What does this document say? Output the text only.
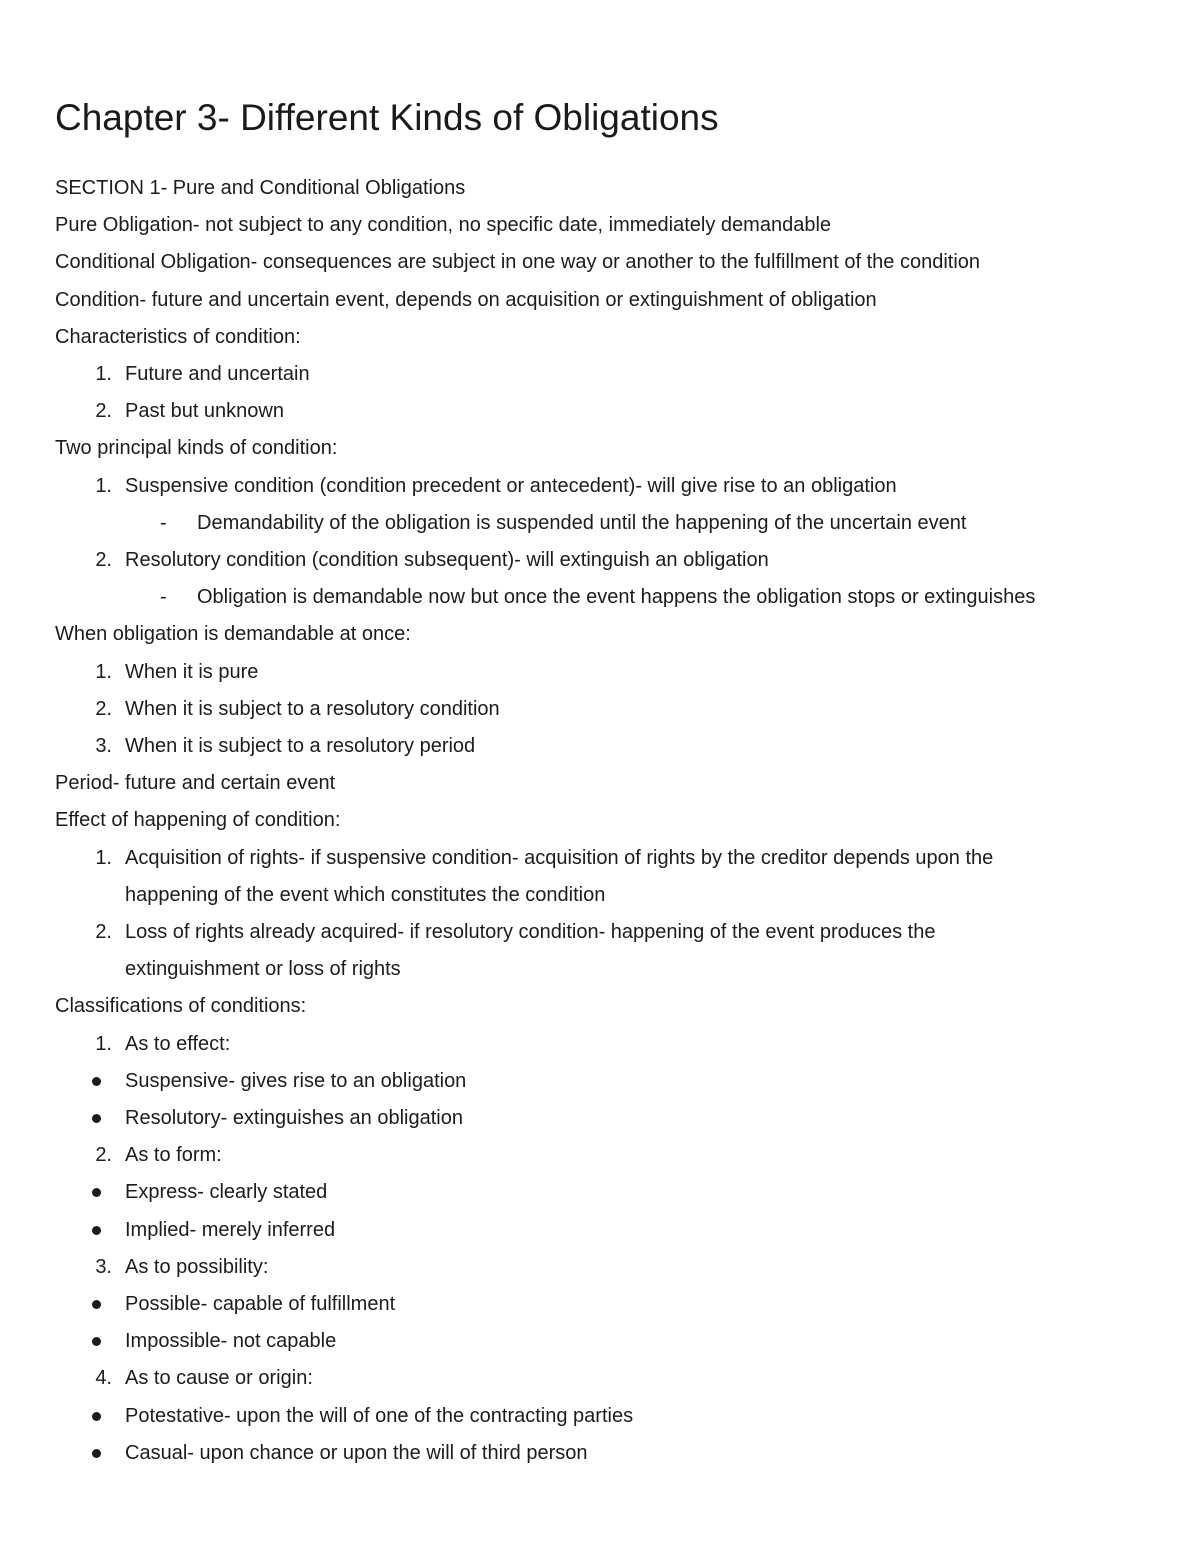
Chapter 3- Different Kinds of Obligations

SECTION 1- Pure and Conditional Obligations

Pure Obligation- not subject to any condition, no specific date, immediately demandable

Conditional Obligation- consequences are subject in one way or another to the fulfillment of the condition

Condition- future and uncertain event, depends on acquisition or extinguishment of obligation

Characteristics of condition:

1. Future and uncertain

2. Past but unknown

Two principal kinds of condition:

1. Suspensive condition (condition precedent or antecedent)- will give rise to an obligation

- Demandability of the obligation is suspended until the happening of the uncertain event

2. Resolutory condition (condition subsequent)- will extinguish an obligation

- Obligation is demandable now but once the event happens the obligation stops or extinguishes

When obligation is demandable at once:

1. When it is pure

2. When it is subject to a resolutory condition

3. When it is subject to a resolutory period

Period- future and certain event

Effect of happening of condition:

1. Acquisition of rights- if suspensive condition- acquisition of rights by the creditor depends upon the

happening of the event which constitutes the condition

2. Loss of rights already acquired- if resolutory condition- happening of the event produces the

extinguishment or loss of rights

Classifications of conditions:

1. As to effect:

Suspensive- gives rise to an obligation

Resolutory- extinguishes an obligation

2. As to form:

Express- clearly stated

Implied- merely inferred

3. As to possibility:

Possible- capable of fulfillment

Impossible- not capable

4. As to cause or origin:

Potestative- upon the will of one of the contracting parties

Casual- upon chance or upon the will of third person
